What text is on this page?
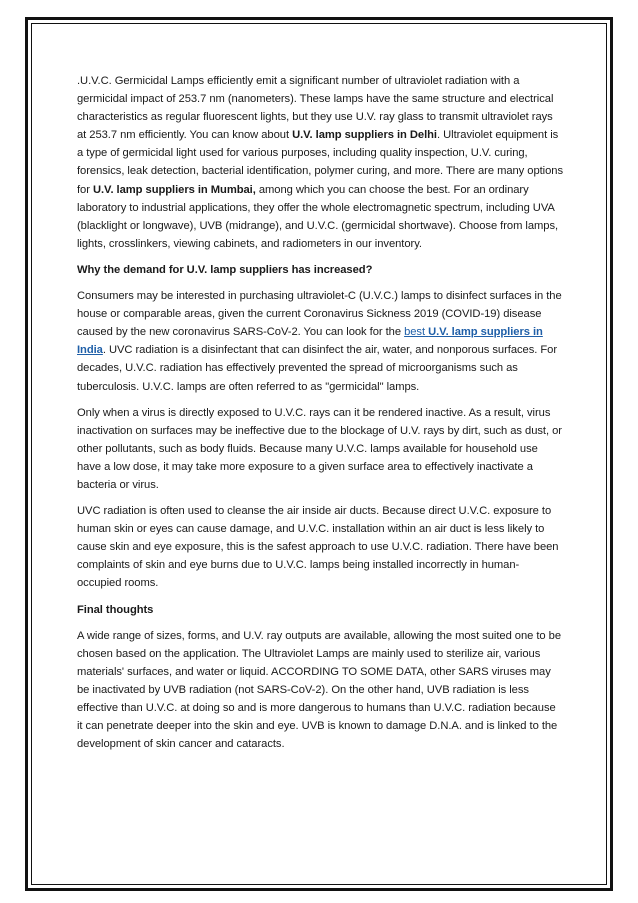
.U.V.C. Germicidal Lamps efficiently emit a significant number of ultraviolet radiation with a germicidal impact of 253.7 nm (nanometers). These lamps have the same structure and electrical characteristics as regular fluorescent lights, but they use U.V. ray glass to transmit ultraviolet rays at 253.7 nm efficiently. You can know about U.V. lamp suppliers in Delhi. Ultraviolet equipment is a type of germicidal light used for various purposes, including quality inspection, U.V. curing, forensics, leak detection, bacterial identification, polymer curing, and more. There are many options for U.V. lamp suppliers in Mumbai, among which you can choose the best. For an ordinary laboratory to industrial applications, they offer the whole electromagnetic spectrum, including UVA (blacklight or longwave), UVB (midrange), and U.V.C. (germicidal shortwave). Choose from lamps, lights, crosslinkers, viewing cabinets, and radiometers in our inventory.

Why the demand for U.V. lamp suppliers has increased?

Consumers may be interested in purchasing ultraviolet-C (U.V.C.) lamps to disinfect surfaces in the house or comparable areas, given the current Coronavirus Sickness 2019 (COVID-19) disease caused by the new coronavirus SARS-CoV-2. You can look for the best U.V. lamp suppliers in India. UVC radiation is a disinfectant that can disinfect the air, water, and nonporous surfaces. For decades, U.V.C. radiation has effectively prevented the spread of microorganisms such as tuberculosis. U.V.C. lamps are often referred to as "germicidal" lamps.

Only when a virus is directly exposed to U.V.C. rays can it be rendered inactive. As a result, virus inactivation on surfaces may be ineffective due to the blockage of U.V. rays by dirt, such as dust, or other pollutants, such as body fluids. Because many U.V.C. lamps available for household use have a low dose, it may take more exposure to a given surface area to effectively inactivate a bacteria or virus.

UVC radiation is often used to cleanse the air inside air ducts. Because direct U.V.C. exposure to human skin or eyes can cause damage, and U.V.C. installation within an air duct is less likely to cause skin and eye exposure, this is the safest approach to use U.V.C. radiation. There have been complaints of skin and eye burns due to U.V.C. lamps being installed incorrectly in human-occupied rooms.

Final thoughts

A wide range of sizes, forms, and U.V. ray outputs are available, allowing the most suited one to be chosen based on the application. The Ultraviolet Lamps are mainly used to sterilize air, various materials' surfaces, and water or liquid. ACCORDING TO SOME DATA, other SARS viruses may be inactivated by UVB radiation (not SARS-CoV-2). On the other hand, UVB radiation is less effective than U.V.C. at doing so and is more dangerous to humans than U.V.C. radiation because it can penetrate deeper into the skin and eye. UVB is known to damage D.N.A. and is linked to the development of skin cancer and cataracts.
